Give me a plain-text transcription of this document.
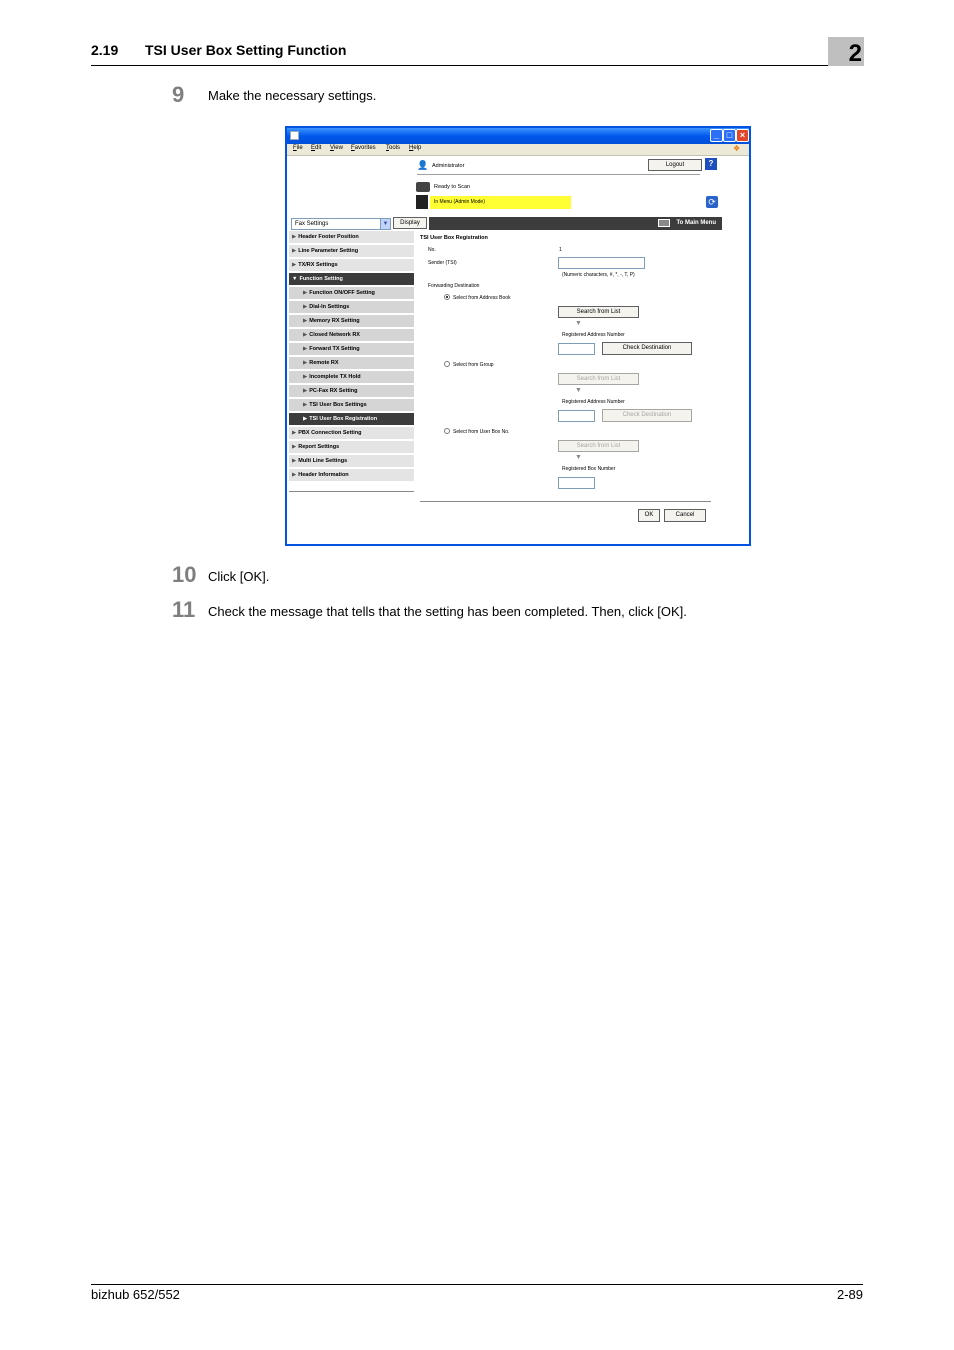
2.19 TSI User Box Setting Function	2
9 Make the necessary settings.
_ □ ×
File Edit View Favorites Tools Help	❖
👤 Administrator	Logout	?
Ready to Scan
In Menu (Admin Mode)	⟳
Fax Settings	▼	Display	To Main Menu
▶ Header Footer Position
▶ Line Parameter Setting
▶ TX/RX Settings
▼ Function Setting
▶ Function ON/OFF Setting
▶ Dial-In Settings
▶ Memory RX Setting
▶ Closed Network RX
▶ Forward TX Setting
▶ Remote RX
▶ Incomplete TX Hold
▶ PC-Fax RX Setting
▶ TSI User Box Settings
▶ TSI User Box Registration
▶ PBX Connection Setting
▶ Report Settings
▶ Multi Line Settings
▶ Header Information
TSI User Box Registration
No.	1
Sender (TSI)
(Numeric characters, #, *, -, T, P)
Forwarding Destination
Select from Address Book
Search from List
▼
Registered Address Number
Check Destination
Select from Group
Search from List
▼
Registered Address Number
Check Destination
Select from User Box No.
Search from List
▼
Registered Box Number
OK	Cancel
10 Click [OK].
11 Check the message that tells that the setting has been completed. Then, click [OK].
bizhub 652/552	2-89
